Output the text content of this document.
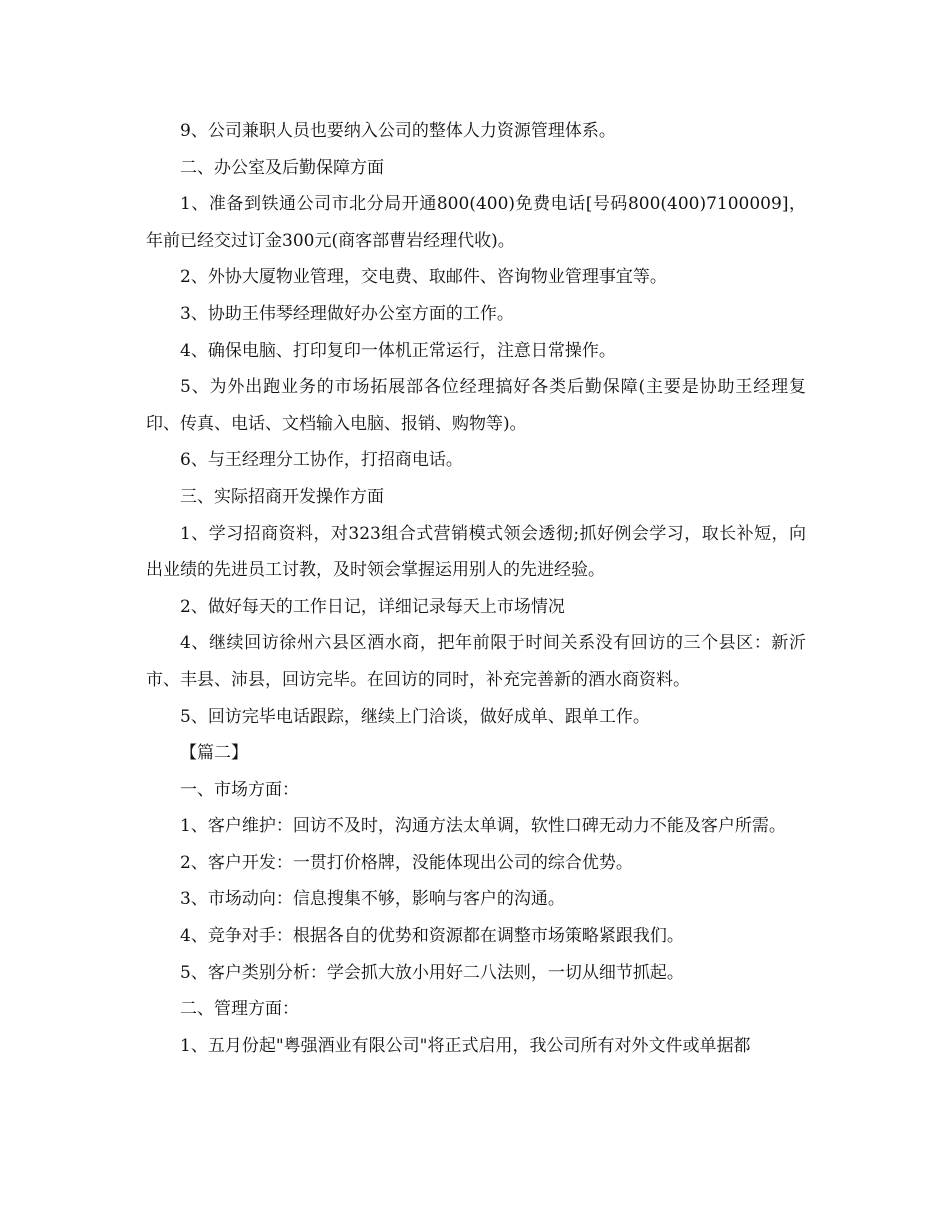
9、公司兼职人员也要纳入公司的整体人力资源管理体系。

二、办公室及后勤保障方面

1、准备到铁通公司市北分局开通800(400)免费电话[号码800(400)7100009]，年前已经交过订金300元(商客部曹岩经理代收)。

2、外协大厦物业管理，交电费、取邮件、咨询物业管理事宜等。

3、协助王伟琴经理做好办公室方面的工作。

4、确保电脑、打印复印一体机正常运行，注意日常操作。

5、为外出跑业务的市场拓展部各位经理搞好各类后勤保障(主要是协助王经理复印、传真、电话、文档输入电脑、报销、购物等)。

6、与王经理分工协作，打招商电话。

三、实际招商开发操作方面

1、学习招商资料，对323组合式营销模式领会透彻;抓好例会学习，取长补短，向出业绩的先进员工讨教，及时领会掌握运用别人的先进经验。

2、做好每天的工作日记，详细记录每天上市场情况

4、继续回访徐州六县区酒水商，把年前限于时间关系没有回访的三个县区：新沂市、丰县、沛县，回访完毕。在回访的同时，补充完善新的酒水商资料。

5、回访完毕电话跟踪，继续上门洽谈，做好成单、跟单工作。

【篇二】

一、市场方面：

1、客户维护：回访不及时，沟通方法太单调，软性口碑无动力不能及客户所需。

2、客户开发：一贯打价格牌，没能体现出公司的综合优势。

3、市场动向：信息搜集不够，影响与客户的沟通。

4、竞争对手：根据各自的优势和资源都在调整市场策略紧跟我们。

5、客户类别分析：学会抓大放小用好二八法则，一切从细节抓起。

二、管理方面：

1、五月份起"粤强酒业有限公司"将正式启用，我公司所有对外文件或单据都
